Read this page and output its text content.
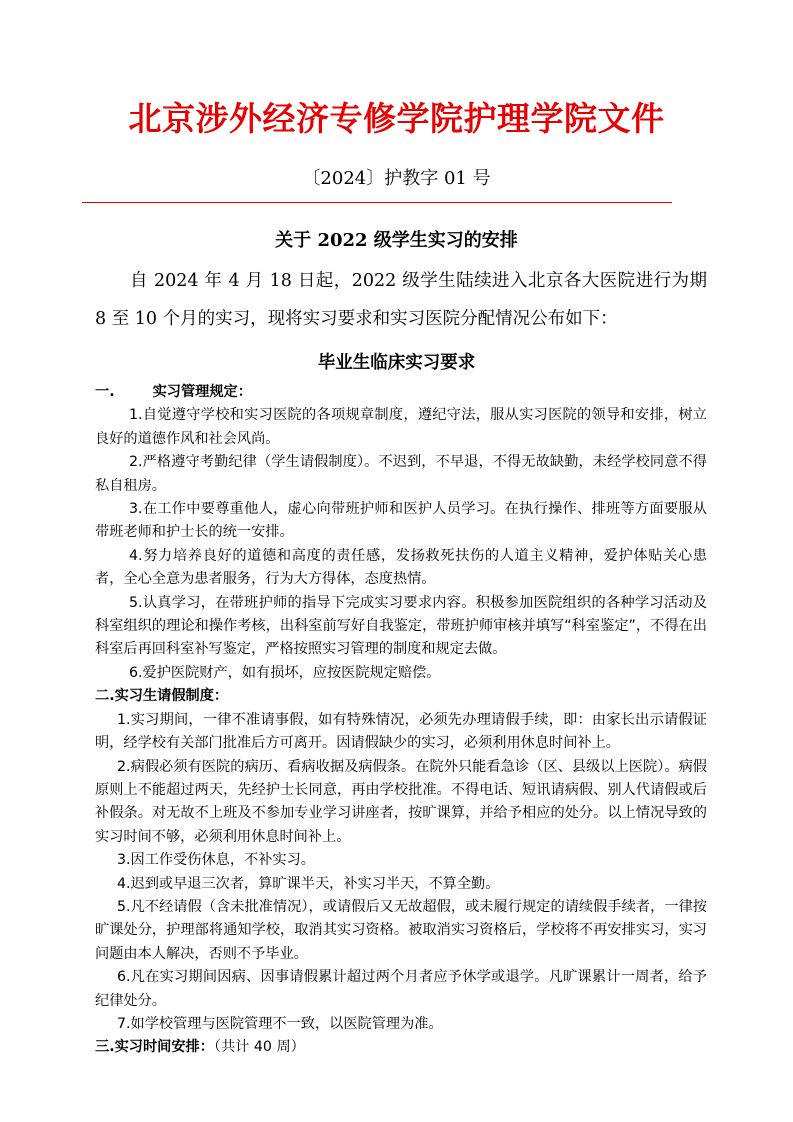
北京涉外经济专修学院护理学院文件
〔2024〕护教字 01 号
关于 2022 级学生实习的安排

自 2024 年 4 月 18 日起，2022 级学生陆续进入北京各大医院进行为期 8 至 10 个月的实习，现将实习要求和实习医院分配情况公布如下：

毕业生临床实习要求

一.	实习管理规定：

1.自觉遵守学校和实习医院的各项规章制度，遵纪守法，服从实习医院的领导和安排，树立良好的道德作风和社会风尚。

2.严格遵守考勤纪律（学生请假制度）。不迟到，不早退，不得无故缺勤，未经学校同意不得私自租房。

3.在工作中要尊重他人，虚心向带班护师和医护人员学习。在执行操作、排班等方面要服从带班老师和护士长的统一安排。

4.努力培养良好的道德和高度的责任感，发扬救死扶伤的人道主义精神，爱护体贴关心患者，全心全意为患者服务，行为大方得体，态度热情。

5.认真学习，在带班护师的指导下完成实习要求内容。积极参加医院组织的各种学习活动及科室组织的理论和操作考核，出科室前写好自我鉴定，带班护师审核并填写“科室鉴定”，不得在出科室后再回科室补写鉴定，严格按照实习管理的制度和规定去做。

6.爱护医院财产，如有损坏，应按医院规定赔偿。

二.实习生请假制度：

1.实习期间，一律不准请事假，如有特殊情况，必须先办理请假手续，即：由家长出示请假证明，经学校有关部门批准后方可离开。因请假缺少的实习，必须利用休息时间补上。

2.病假必须有医院的病历、看病收据及病假条。在院外只能看急诊（区、县级以上医院）。病假原则上不能超过两天，先经护士长同意，再由学校批准。不得电话、短讯请病假、别人代请假或后补假条。对无故不上班及不参加专业学习讲座者，按旷课算，并给予相应的处分。以上情况导致的实习时间不够，必须利用休息时间补上。

3.因工作受伤休息，不补实习。

4.迟到或早退三次者，算旷课半天，补实习半天，不算全勤。

5.凡不经请假（含未批准情况），或请假后又无故超假，或未履行规定的请续假手续者，一律按旷课处分，护理部将通知学校，取消其实习资格。被取消实习资格后，学校将不再安排实习，实习问题由本人解决，否则不予毕业。

6.凡在实习期间因病、因事请假累计超过两个月者应予休学或退学。凡旷课累计一周者，给予纪律处分。

7.如学校管理与医院管理不一致，以医院管理为准。

三.实习时间安排：（共计 40 周）
